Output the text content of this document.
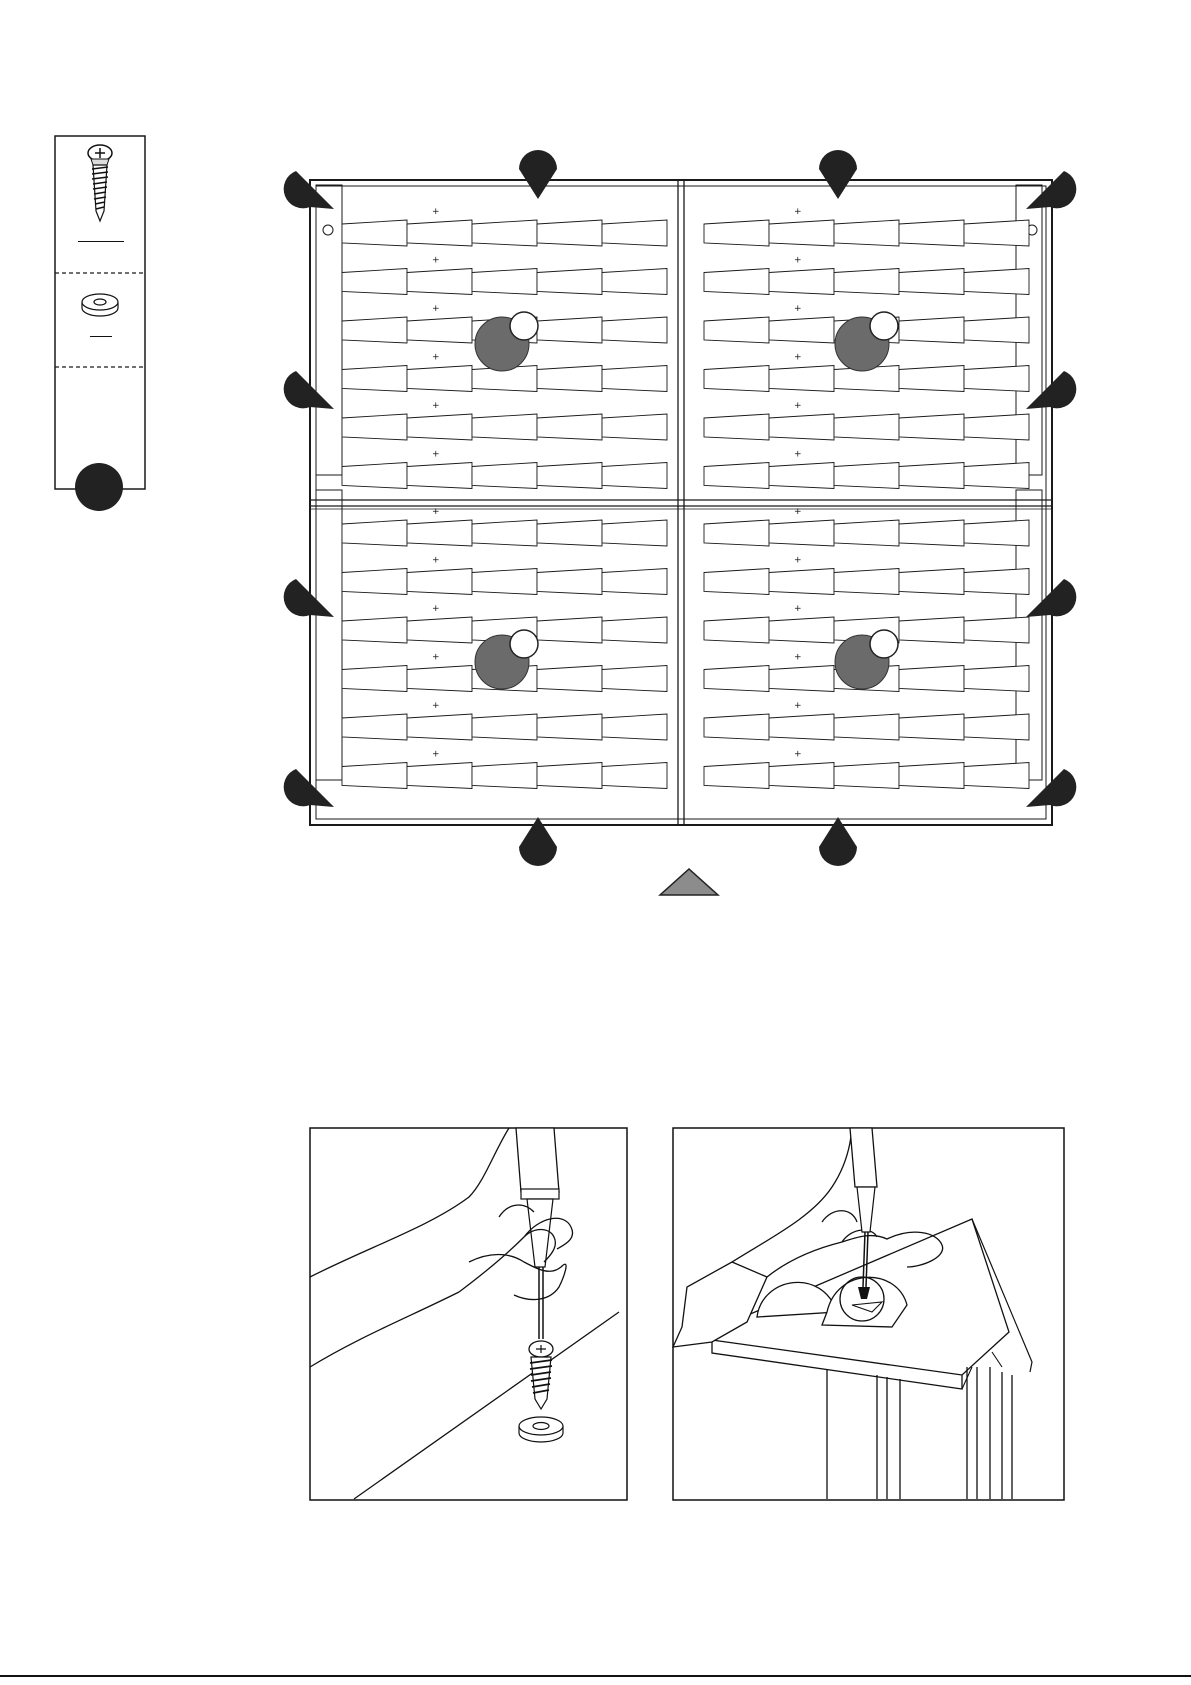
+
+
+
+
+
+
+
+
+
+
+
+
+
+
+
+
+
+
+
+
+
+
+
+
